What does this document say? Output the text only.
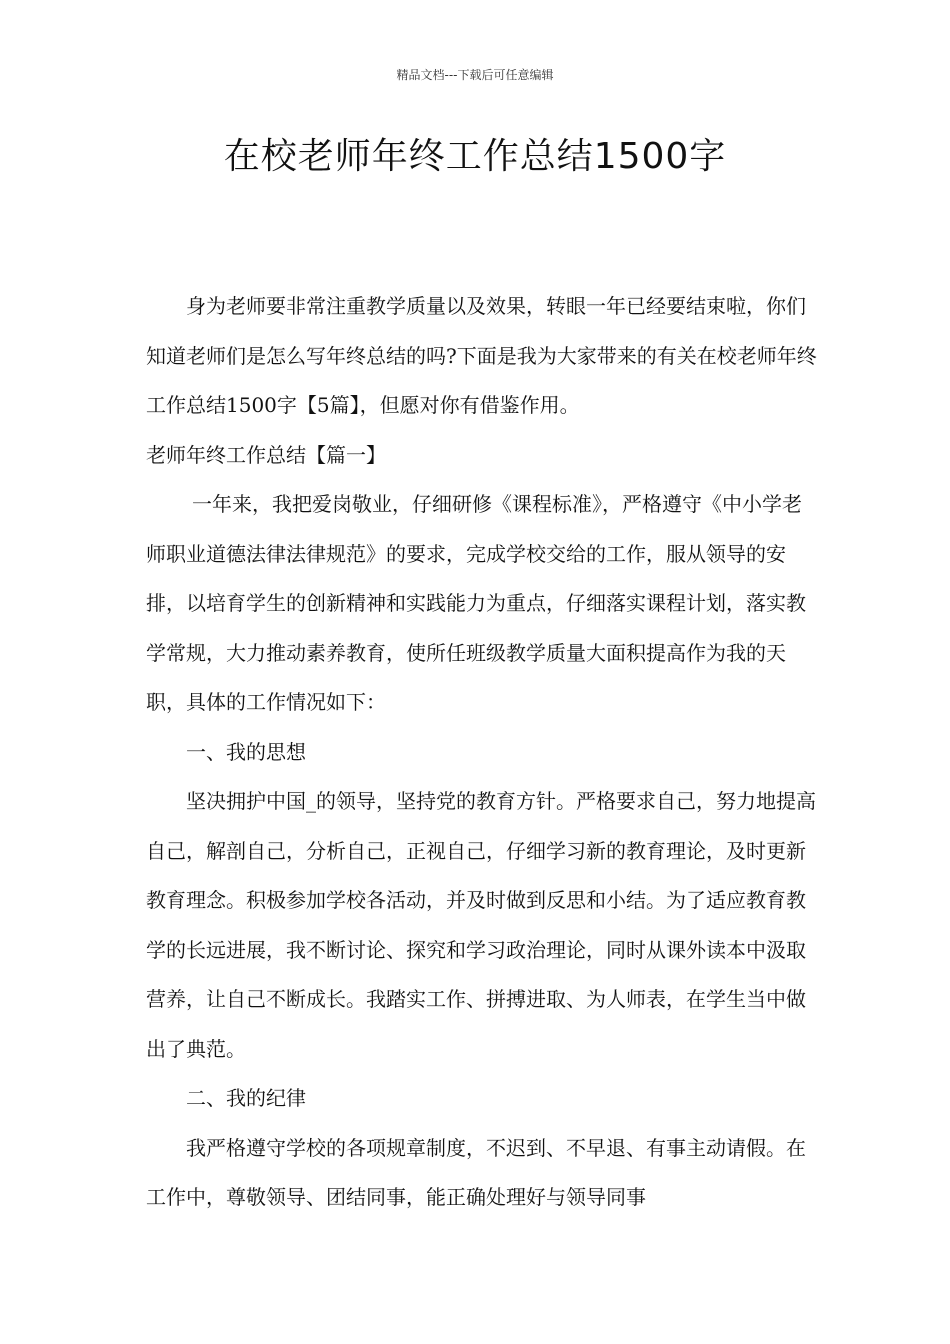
精品文档---下载后可任意编辑
在校老师年终工作总结1500字

身为老师要非常注重教学质量以及效果，转眼一年已经要结束啦，你们知道老师们是怎么写年终总结的吗?下面是我为大家带来的有关在校老师年终工作总结1500字【5篇】，但愿对你有借鉴作用。

老师年终工作总结【篇一】

一年来，我把爱岗敬业，仔细研修《课程标准》，严格遵守《中小学老师职业道德法律法律规范》的要求，完成学校交给的工作，服从领导的安排，以培育学生的创新精神和实践能力为重点，仔细落实课程计划，落实教学常规，大力推动素养教育，使所任班级教学质量大面积提高作为我的天职，具体的工作情况如下：

一、我的思想

坚决拥护中国_的领导，坚持党的教育方针。严格要求自己，努力地提高自己，解剖自己，分析自己，正视自己，仔细学习新的教育理论，及时更新教育理念。积极参加学校各活动，并及时做到反思和小结。为了适应教育教学的长远进展，我不断讨论、探究和学习政治理论，同时从课外读本中汲取营养，让自己不断成长。我踏实工作、拼搏进取、为人师表，在学生当中做出了典范。

二、我的纪律

我严格遵守学校的各项规章制度，不迟到、不早退、有事主动请假。在工作中，尊敬领导、团结同事，能正确处理好与领导同事
